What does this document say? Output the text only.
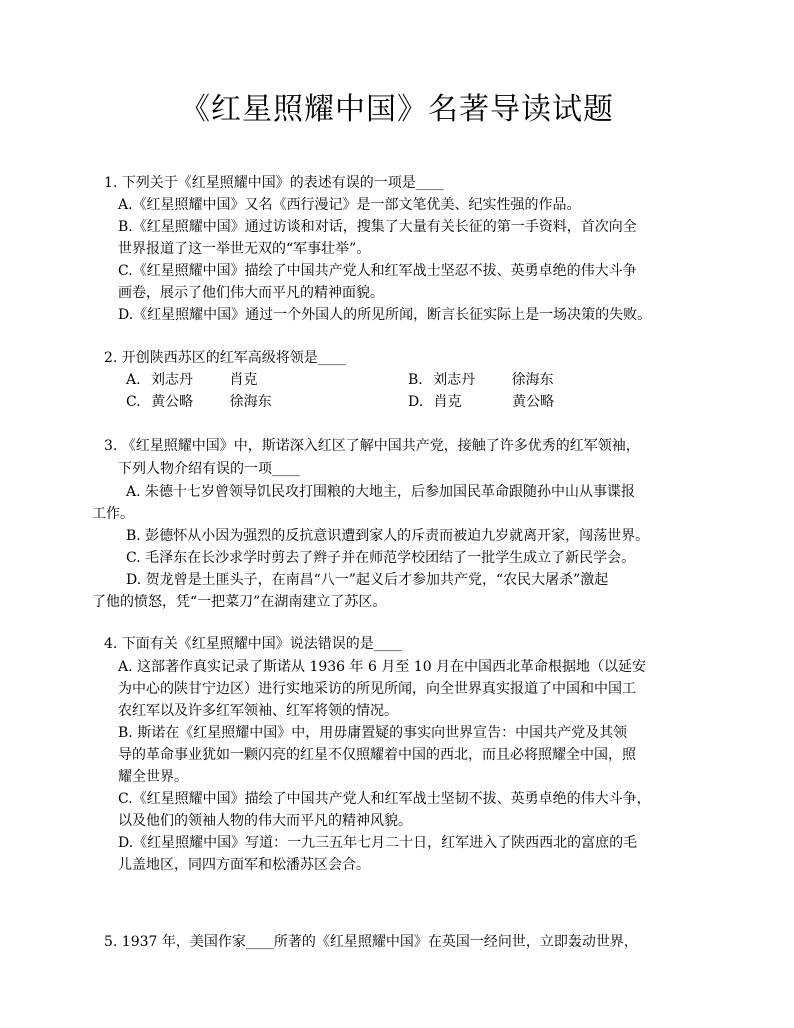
《红星照耀中国》名著导读试题
1. 下列关于《红星照耀中国》的表述有误的一项是____
A.《红星照耀中国》又名《西行漫记》是一部文笔优美、纪实性强的作品。
B.《红星照耀中国》通过访谈和对话，搜集了大量有关长征的第一手资料，首次向全
世界报道了这一举世无双的“军事壮举”。
C.《红星照耀中国》描绘了中国共产党人和红军战士坚忍不拔、英勇卓绝的伟大斗争
画卷，展示了他们伟大而平凡的精神面貌。
D.《红星照耀中国》通过一个外国人的所见所闻，断言长征实际上是一场决策的失败。
2. 开创陕西苏区的红军高级将领是____
A. 刘志丹	肖克	B. 刘志丹	徐海东
C. 黄公略	徐海东	D. 肖克	黄公略
3. 《红星照耀中国》中，斯诺深入红区了解中国共产党，接触了许多优秀的红军领袖，
下列人物介绍有误的一项____
A. 朱德十七岁曾领导饥民攻打围粮的大地主，后参加国民革命跟随孙中山从事谍报
工作。
B. 彭德怀从小因为强烈的反抗意识遭到家人的斥责而被迫九岁就离开家，闯荡世界。
C. 毛泽东在长沙求学时剪去了辫子并在师范学校团结了一批学生成立了新民学会。
D. 贺龙曾是土匪头子，在南昌“八一”起义后才参加共产党，“农民大屠杀”激起
了他的愤怒，凭“一把菜刀”在湖南建立了苏区。
4. 下面有关《红星照耀中国》说法错误的是____
A. 这部著作真实记录了斯诺从 1936 年 6 月至 10 月在中国西北革命根据地（以延安
为中心的陕甘宁边区）进行实地采访的所见所闻，向全世界真实报道了中国和中国工
农红军以及许多红军领袖、红军将领的情况。
B. 斯诺在《红星照耀中国》中，用毋庸置疑的事实向世界宣告：中国共产党及其领
导的革命事业犹如一颗闪亮的红星不仅照耀着中国的西北，而且必将照耀全中国，照
耀全世界。
C.《红星照耀中国》描绘了中国共产党人和红军战士坚韧不拔、英勇卓绝的伟大斗争，
以及他们的领袖人物的伟大而平凡的精神风貌。
D.《红星照耀中国》写道：一九三五年七月二十日，红军进入了陕西西北的富庶的毛
儿盖地区，同四方面军和松潘苏区会合。
5. 1937 年，美国作家____所著的《红星照耀中国》在英国一经问世，立即轰动世界，
